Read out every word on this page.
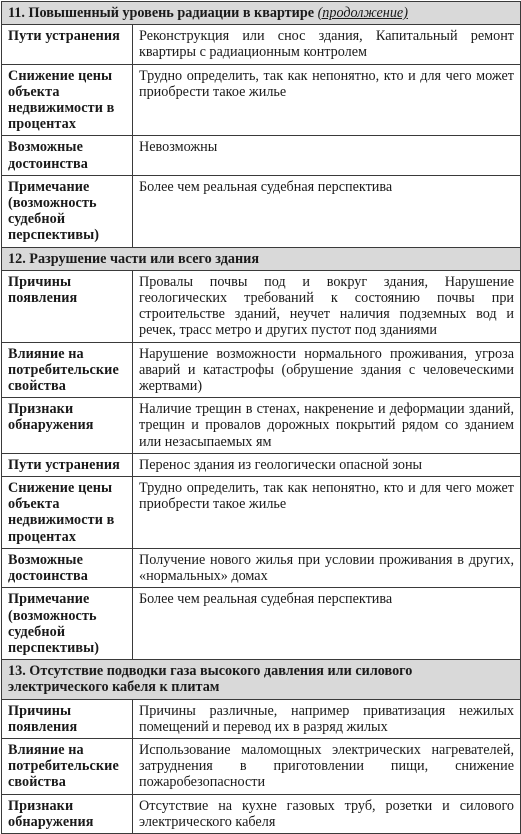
11. Повышенный уровень радиации в квартире (продолжение)	
Пути устранения	Реконструкция или снос здания, Капитальный ремонт квартиры с радиационным контролем
Снижение цены объекта недвижимости в процентах	Трудно определить, так как непонятно, кто и для чего может приобрести такое жилье
Возможные достоинства	Невозможны
Примечание (возможность судебной перспективы)	Более чем реальная судебная перспектива
12. Разрушение части или всего здания	
Причины появления	Провалы почвы под и вокруг здания, Нарушение геологических требований к состоянию почвы при строительстве зданий, неучет наличия подземных вод и речек, трасс метро и других пустот под зданиями
Влияние на потребительские свойства	Нарушение возможности нормального проживания, угроза аварий и катастрофы (обрушение здания с человеческими жертвами)
Признаки обнаружения	Наличие трещин в стенах, накренение и деформации зданий, трещин и провалов дорожных покрытий рядом со зданием или незасыпаемых ям
Пути устранения	Перенос здания из геологически опасной зоны
Снижение цены объекта недвижимости в процентах	Трудно определить, так как непонятно, кто и для чего может приобрести такое жилье
Возможные достоинства	Получение нового жилья при условии проживания в других, «нормальных» домах
Примечание (возможность судебной перспективы)	Более чем реальная судебная перспектива
13. Отсутствие подводки газа высокого давления или силового электрического кабеля к плитам	
Причины появления	Причины различные, например приватизация нежилых помещений и перевод их в разряд жилых
Влияние на потребительские свойства	Использование маломощных электрических нагревателей, затруднения в приготовлении пищи, снижение пожаробезопасности
Признаки обнаружения	Отсутствие на кухне газовых труб, розетки и силового электрического кабеля
